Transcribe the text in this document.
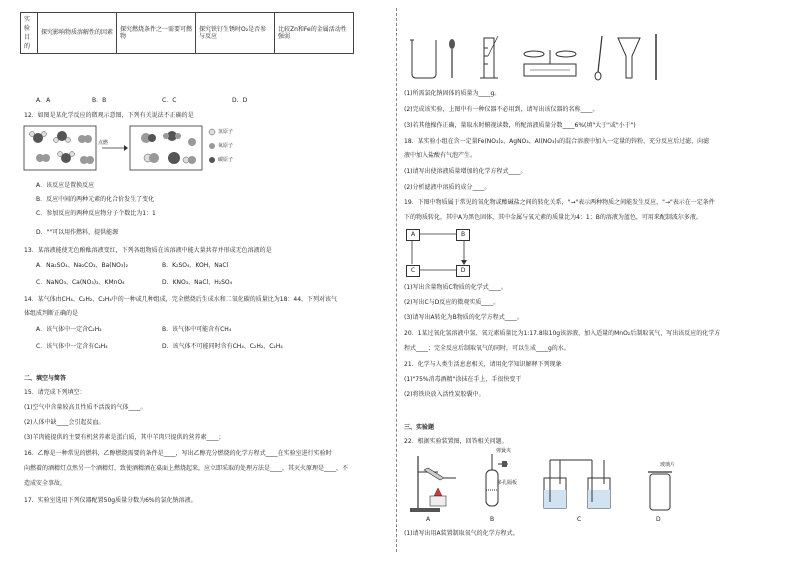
实
验
目
的	探究影响物质溶解性的因素	探究燃烧条件之一需要可燃物	探究铁钉生锈时O₂是否参与反应	比较Zn和Fe的金属活动性强弱
A．A	B．B	C．C	D．D
12．如图是某化学反应的微观示意图，下列有关说法不正确的是
点燃
氢原子
氧原子
碳原子
A．该反应是置换反应
B．反应中间的两种元素的化合价发生了变化
C．参加反应的两种反应物分子个数比为1：1
D．""可以用作燃料，提供能源
13．某溶液能使无色酚酞溶液变红，下列各组物质在该溶液中能大量共存并形成无色溶液的是
A．Na₂SO₄、Na₂CO₃、Ba(NO₃)₂	B．K₂SO₄、KOH、NaCl
C．NaNO₃、Ca(NO₃)₂、KMnO₄	D．KNO₃、NaCl、H₂SO₄
14．某气体由CH₄、C₂H₂、C₂H₄中的一种或几种组成，完全燃烧后生成水和二氧化碳的质量比为18：44，下列对该气
体组成判断正确的是
A．该气体中一定含C₂H₂	B．该气体中可能含有CH₄
C．该气体中一定含有C₂H₄	D．该气体不可能同时含有CH₄、C₂H₂、C₂H₄
二、填空与简答
15．请完成下列填空：
(1)空气中含量较高且性质不活泼的气体____。
(2)人体中缺____会引起贫血。
(3)羊肉能提供的主要有机营养素是蛋白质，其中羊肉只提供的营养素____；
16．乙醇是一种常见的燃料，乙醇燃烧需要的条件是____，写出乙醇充分燃烧的化学方程式____在实验室进行实验时
向燃着的酒精灯点然另一个酒精灯，致使酒精洒在桌面上燃烧起来，应立即采取的处理方法是____，其灭火原理是____，不
造成安全事故。
17．实验室选用下列仪器配置50g质量分数为6%的氯化钠溶液。
(1)所需氯化钠固体的质量为____g。
(2)完成该实验，上图中有一种仪器不必用到，请写出该仪器的名称____。
(3)若其他操作正确，量取水时俯视读数，所配溶液质量分数____6%(填"大于"或"小于")
18．某实验小组在含一定量Fe(NO₃)₂、AgNO₃、Al(NO₃)₃的混合溶液中加入一定量的锌粉，充分反应后过滤，向滤
液中加入盐酸有气泡产生。
(1)请写出使溶液质量增加的化学方程式____。
(2)分析滤液中溶质的成分____。
19．下图中物质属于常见的氧化物或酸碱盐之间的转化关系，"→"表示两种物质之间能发生反应，"→"表示在一定条件
下的物质转化，其中A为黑色固体，其中金属与氧元素的质量比为4：1；B的溶液为蓝色，可用来配制波尔多液。
A	B
C	D
(1)写出含量物质C物质的化学式____。
(2)写出C与D反应的微观实质____。
(3)请写出A转化为B物质的化学方程式____。
20．1某过氧化氢溶液中氢、氧元素质量比为1:17.8取10g该溶液，加入适量的MnO₂后制取氧气，写出该反应的化学方
程式____；完全反应后制取氧气的同时，可以生成____g的水。
21．化学与人类生活息息相关，请用化学知识解释下列现象
(1)"75%消毒酒精"涂抹在手上，手很快变干
(2)将铁块放入活性炭胶囊中。
三、实验题
22．根据实验装置图，回答相关问题。
弹簧夹
多孔隔板
玻璃片
A	B	C	D
(1)请写出用A装置制取氧气的化学方程式。
